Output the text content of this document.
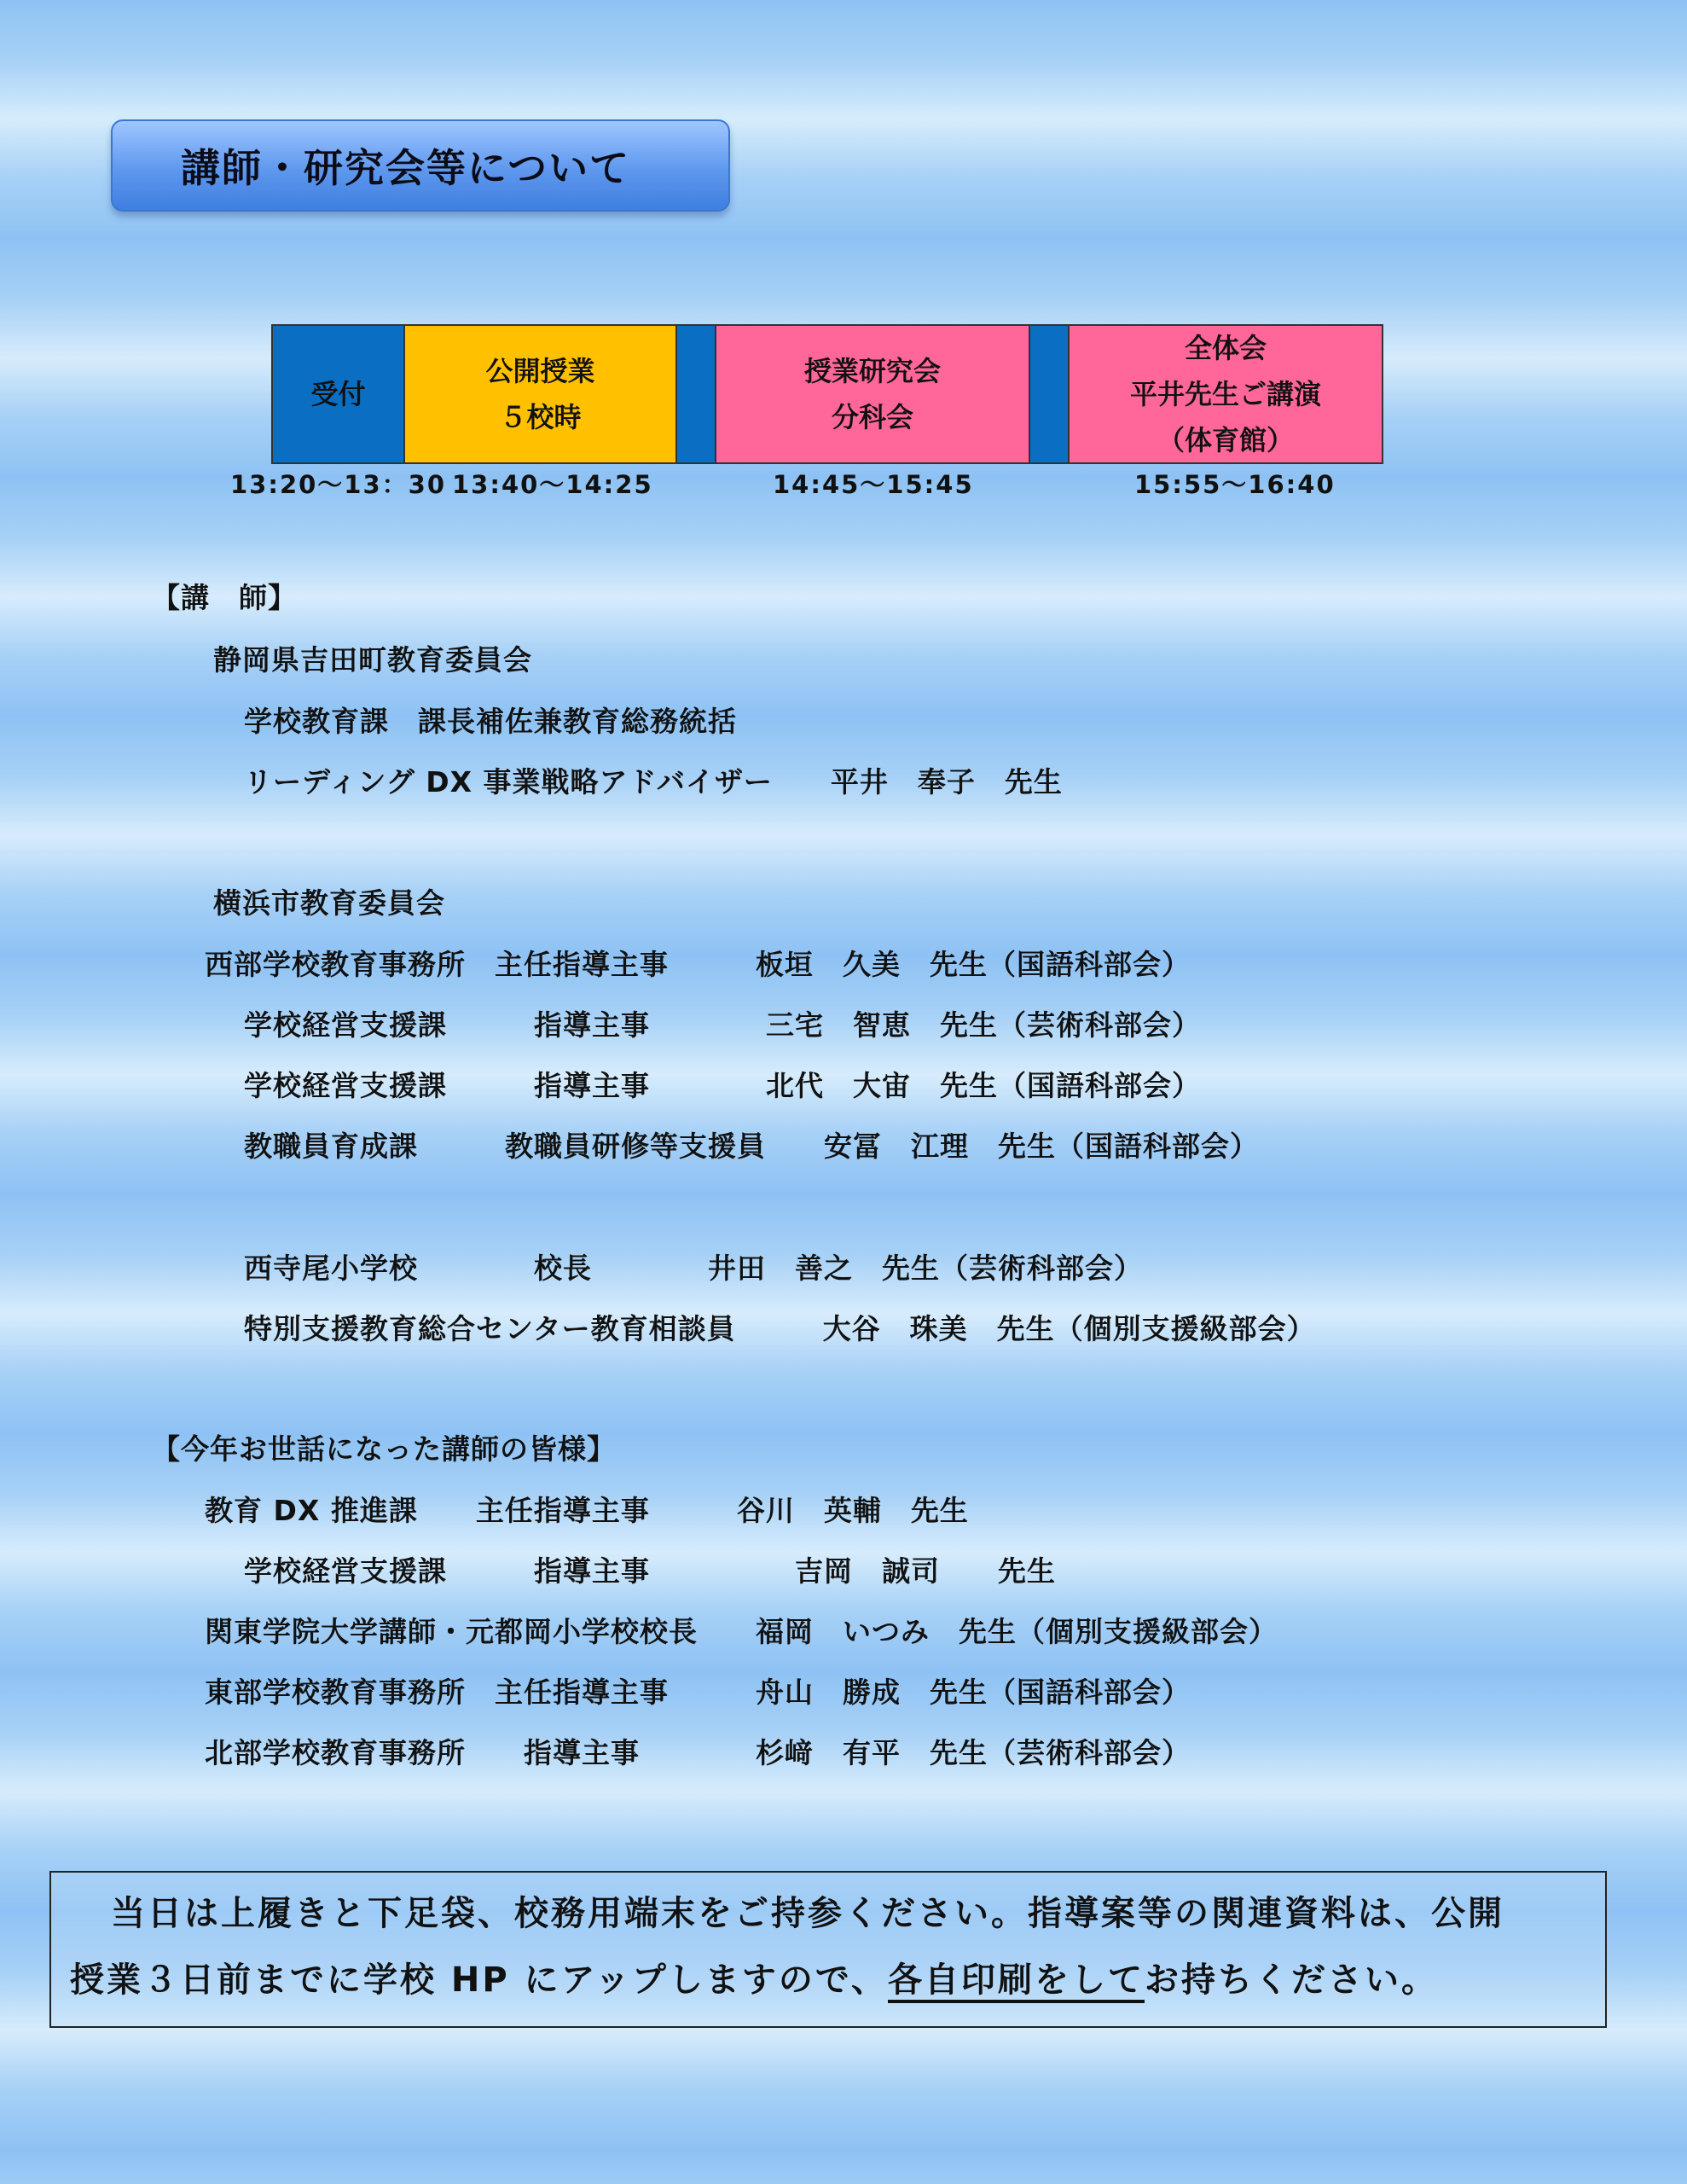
講師・研究会等について
受付
公開授業
５校時
授業研究会
分科会
全体会
平井先生ご講演
（体育館）
13:20～13：30 13:40～14:25	14:45～15:45	15:55～16:40
【講　師】
静岡県吉田町教育委員会
学校教育課　課長補佐兼教育総務統括
リーディング DX 事業戦略アドバイザー　　平井　奉子　先生
横浜市教育委員会
西部学校教育事務所　主任指導主事　　　板垣　久美　先生（国語科部会）
学校経営支援課　　　指導主事　　　　三宅　智恵　先生（芸術科部会）
学校経営支援課　　　指導主事　　　　北代　大宙　先生（国語科部会）
教職員育成課　　　教職員研修等支援員　　安冨　江理　先生（国語科部会）
西寺尾小学校　　　　校長　　　　井田　善之　先生（芸術科部会）
特別支援教育総合センター教育相談員　　　大谷　珠美　先生（個別支援級部会）
【今年お世話になった講師の皆様】
教育 DX 推進課　　主任指導主事　　　谷川　英輔　先生
学校経営支援課　　　指導主事　　　　　吉岡　誠司　　先生
関東学院大学講師・元都岡小学校校長　　福岡　いつみ　先生（個別支援級部会）
東部学校教育事務所　主任指導主事　　　舟山　勝成　先生（国語科部会）
北部学校教育事務所　　指導主事　　　　杉﨑　有平　先生（芸術科部会）
当日は上履きと下足袋、校務用端末をご持参ください。指導案等の関連資料は、公開
授業３日前までに学校 HP にアップしますので、各自印刷をしてお持ちください。
